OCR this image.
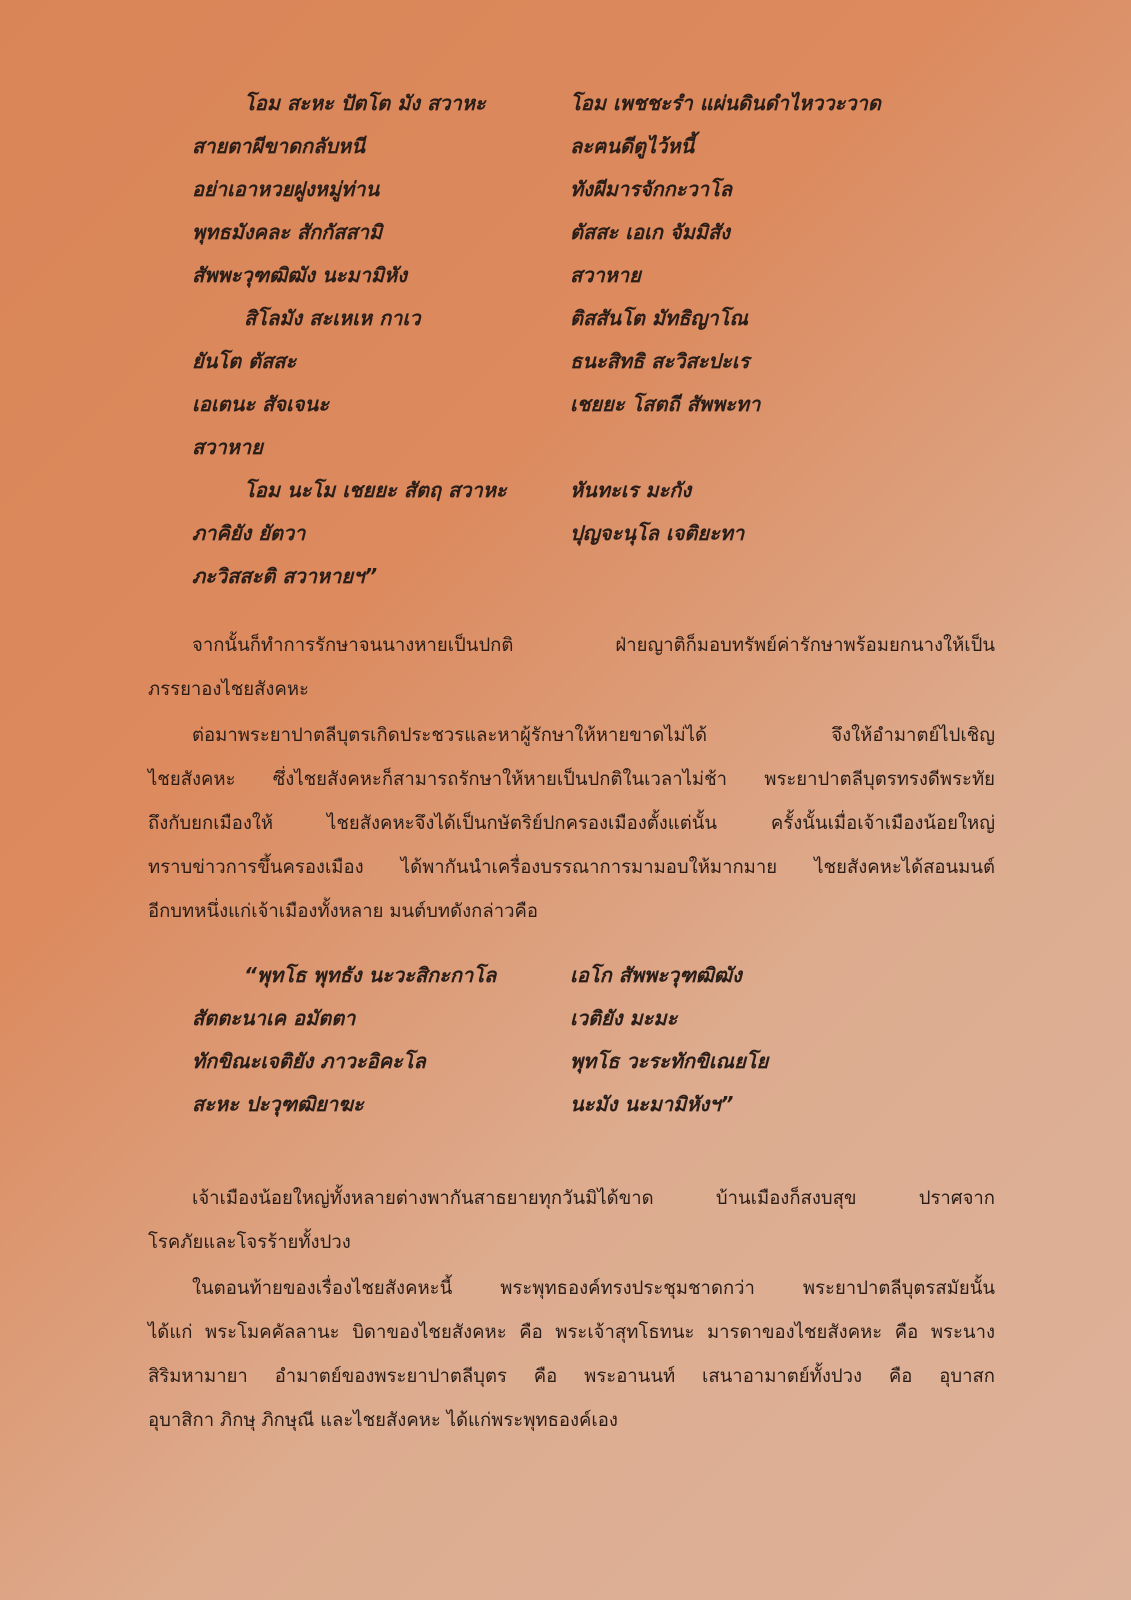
โอม สะหะ ปัตโต มัง สวาหะ
สายตาผีขาดกลับหนี
อย่าเอาหวยฝูงหมู่ท่าน
พุทธมังคละ สักกัสสามิ
สัพพะวุฑฒิฒัง นะมามิหัง
สิโลมัง สะเหเห กาเว
ยันโต ตัสสะ
เอเตนะ สัจเจนะ
สวาหาย
โอม นะโม เชยยะ สัตฤ สวาหะ
ภาคิยัง ยัตวา
ภะวิสสะติ สวาหายฯ”
โอม เพชชะรำ แผ่นดินดำไหววะวาด
ละฅนดีตูไว้หนี้
ทังผีมารจักกะวาโล
ตัสสะ เอเก จัมมิสัง
สวาหาย
ติสสันโต มัทธิญาโณ
ธนะสิทธิ สะวิสะปะเร
เชยยะ โสตถี สัพพะทา
หันทะเร มะกัง
ปุญจะนุโล เจติยะทา
“พุทโธ พุทธัง นะวะสิกะกาโล
สัตตะนาเค อมัตตา
ทักขิณะเจติยัง ภาวะอิคะโล
สะหะ ปะวุฑฒิยาฆะ
เอโก สัพพะวุฑฒิฒัง
เวติยัง มะมะ
พุทโธ วะระทักขิเณยโย
นะมัง นะมามิหังฯ”
จากนั้นก็ทำการรักษาจนนางหายเป็นปกติ ฝ่ายญาติก็มอบทรัพย์ค่ารักษาพร้อมยกนางให้เป็น
ภรรยาองไชยสังคหะ
ต่อมาพระยาปาตลีบุตรเกิดประชวรและหาผู้รักษาให้หายขาดไม่ได้ จึงให้อำมาตย์ไปเชิญ
ไชยสังคหะ ซึ่งไชยสังคหะก็สามารถรักษาให้หายเป็นปกติในเวลาไม่ช้า พระยาปาตลีบุตรทรงดีพระทัย
ถึงกับยกเมืองให้ ไชยสังคหะจึงได้เป็นกษัตริย์ปกครองเมืองตั้งแต่นั้น ครั้งนั้นเมื่อเจ้าเมืองน้อยใหญ่
ทราบข่าวการขึ้นครองเมือง ได้พากันนำเครื่องบรรณาการมามอบให้มากมาย ไชยสังคหะได้สอนมนต์
อีกบทหนึ่งแก่เจ้าเมืองทั้งหลาย มนต์บทดังกล่าวคือ
เจ้าเมืองน้อยใหญ่ทั้งหลายต่างพากันสาธยายทุกวันมิได้ขาด บ้านเมืองก็สงบสุข ปราศจาก
โรคภัยและโจรร้ายทั้งปวง
ในตอนท้ายของเรื่องไชยสังคหะนี้ พระพุทธองค์ทรงประชุมชาดกว่า พระยาปาตลีบุตรสมัยนั้น
ได้แก่ พระโมคคัลลานะ บิดาของไชยสังคหะ คือ พระเจ้าสุทโธทนะ มารดาของไชยสังคหะ คือ พระนาง
สิริมหามายา อำมาตย์ของพระยาปาตลีบุตร คือ พระอานนท์ เสนาอามาตย์ทั้งปวง คือ อุบาสก
อุบาสิกา ภิกษุ ภิกษุณี และไชยสังคหะ ได้แก่พระพุทธองค์เอง
